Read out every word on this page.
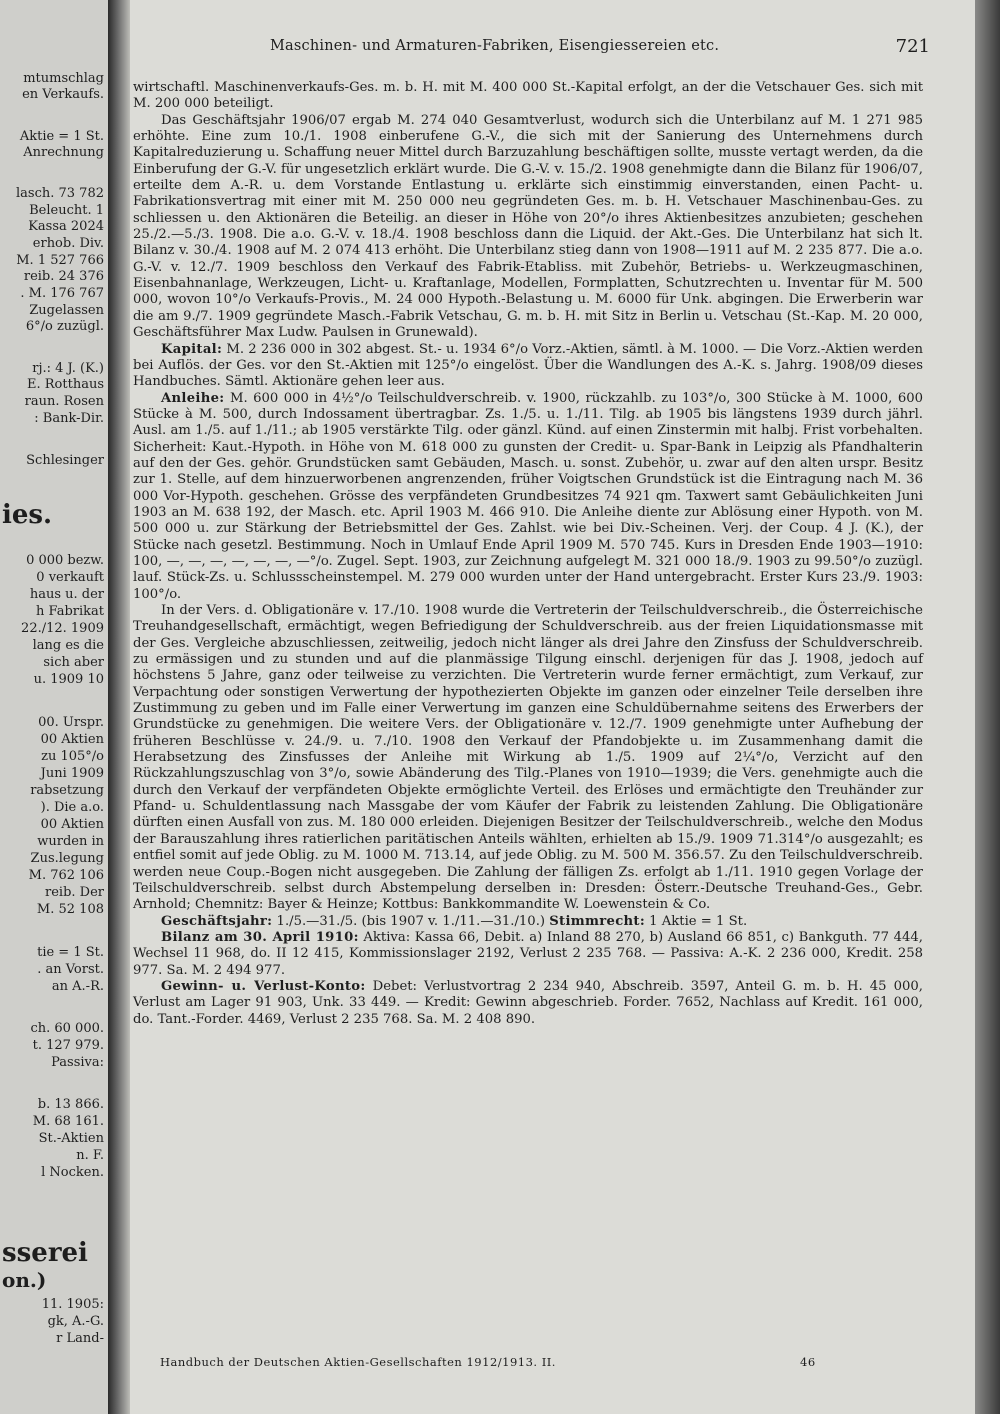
mtumschlag
en Verkaufs.
Aktie = 1 St.
Anrechnung
lasch. 73 782
Beleucht. 1
Kassa 2024
erhob. Div.
M. 1 527 766
reib. 24 376
. M. 176 767
Zugelassen
6°/o zuzügl.
rj.: 4 J. (K.)
E. Rotthaus
raun. Rosen
: Bank-Dir.
Schlesinger
ies.
0 000 bezw.
0 verkauft
haus u. der
h Fabrikat
22./12. 1909
lang es die
sich aber
u. 1909 10
00. Urspr.
00 Aktien
zu 105°/o
Juni 1909
rabsetzung
). Die a.o.
00 Aktien
wurden in
Zus.legung
M. 762 106
reib. Der
M. 52 108
tie = 1 St.
. an Vorst.
an A.-R.
ch. 60 000.
t. 127 979.
Passiva:
b. 13 866.
M. 68 161.
St.-Aktien
n. F.
l Nocken.
sserei
on.)
11. 1905:
gk, A.-G.
r Land-
Maschinen- und Armaturen-Fabriken, Eisengiessereien etc.	721

wirtschaftl. Maschinenverkaufs-Ges. m. b. H. mit M. 400 000 St.-Kapital erfolgt, an der die Vetschauer Ges. sich mit M. 200 000 beteiligt.

Das Geschäftsjahr 1906/07 ergab M. 274 040 Gesamtverlust, wodurch sich die Unterbilanz auf M. 1 271 985 erhöhte. Eine zum 10./1. 1908 einberufene G.-V., die sich mit der Sanierung des Unternehmens durch Kapitalreduzierung u. Schaffung neuer Mittel durch Barzuzahlung beschäftigen sollte, musste vertagt werden, da die Einberufung der G.-V. für ungesetzlich erklärt wurde. Die G.-V. v. 15./2. 1908 genehmigte dann die Bilanz für 1906/07, erteilte dem A.-R. u. dem Vorstande Entlastung u. erklärte sich einstimmig einverstanden, einen Pacht- u. Fabrikationsvertrag mit einer mit M. 250 000 neu gegründeten Ges. m. b. H. Vetschauer Maschinenbau-Ges. zu schliessen u. den Aktionären die Beteilig. an dieser in Höhe von 20°/o ihres Aktienbesitzes anzubieten; geschehen 25./2.—5./3. 1908. Die a.o. G.-V. v. 18./4. 1908 beschloss dann die Liquid. der Akt.-Ges. Die Unterbilanz hat sich lt. Bilanz v. 30./4. 1908 auf M. 2 074 413 erhöht. Die Unterbilanz stieg dann von 1908—1911 auf M. 2 235 877. Die a.o. G.-V. v. 12./7. 1909 beschloss den Verkauf des Fabrik-Etabliss. mit Zubehör, Betriebs- u. Werkzeugmaschinen, Eisenbahnanlage, Werkzeugen, Licht- u. Kraftanlage, Modellen, Formplatten, Schutzrechten u. Inventar für M. 500 000, wovon 10°/o Verkaufs-Provis., M. 24 000 Hypoth.-Belastung u. M. 6000 für Unk. abgingen. Die Erwerberin war die am 9./7. 1909 gegründete Masch.-Fabrik Vetschau, G. m. b. H. mit Sitz in Berlin u. Vetschau (St.-Kap. M. 20 000, Geschäftsführer Max Ludw. Paulsen in Grunewald).

Kapital: M. 2 236 000 in 302 abgest. St.- u. 1934 6°/o Vorz.-Aktien, sämtl. à M. 1000. — Die Vorz.-Aktien werden bei Auflös. der Ges. vor den St.-Aktien mit 125°/o eingelöst. Über die Wandlungen des A.-K. s. Jahrg. 1908/09 dieses Handbuches. Sämtl. Aktionäre gehen leer aus.

Anleihe: M. 600 000 in 4½°/o Teilschuldverschreib. v. 1900, rückzahlb. zu 103°/o, 300 Stücke à M. 1000, 600 Stücke à M. 500, durch Indossament übertragbar. Zs. 1./5. u. 1./11. Tilg. ab 1905 bis längstens 1939 durch jährl. Ausl. am 1./5. auf 1./11.; ab 1905 verstärkte Tilg. oder gänzl. Künd. auf einen Zinstermin mit halbj. Frist vorbehalten. Sicherheit: Kaut.-Hypoth. in Höhe von M. 618 000 zu gunsten der Credit- u. Spar-Bank in Leipzig als Pfandhalterin auf den der Ges. gehör. Grundstücken samt Gebäuden, Masch. u. sonst. Zubehör, u. zwar auf den alten urspr. Besitz zur 1. Stelle, auf dem hinzuerworbenen angrenzenden, früher Voigtschen Grundstück ist die Eintragung nach M. 36 000 Vor-Hypoth. geschehen. Grösse des verpfändeten Grundbesitzes 74 921 qm. Taxwert samt Gebäulichkeiten Juni 1903 an M. 638 192, der Masch. etc. April 1903 M. 466 910. Die Anleihe diente zur Ablösung einer Hypoth. von M. 500 000 u. zur Stärkung der Betriebsmittel der Ges. Zahlst. wie bei Div.-Scheinen. Verj. der Coup. 4 J. (K.), der Stücke nach gesetzl. Bestimmung. Noch in Umlauf Ende April 1909 M. 570 745. Kurs in Dresden Ende 1903—1910: 100, —, —, —, —, —, —, —°/o. Zugel. Sept. 1903, zur Zeichnung aufgelegt M. 321 000 18./9. 1903 zu 99.50°/o zuzügl. lauf. Stück-Zs. u. Schlussscheinstempel. M. 279 000 wurden unter der Hand untergebracht. Erster Kurs 23./9. 1903: 100°/o.

In der Vers. d. Obligationäre v. 17./10. 1908 wurde die Vertreterin der Teilschuldverschreib., die Österreichische Treuhandgesellschaft, ermächtigt, wegen Befriedigung der Schuldverschreib. aus der freien Liquidationsmasse mit der Ges. Vergleiche abzuschliessen, zeitweilig, jedoch nicht länger als drei Jahre den Zinsfuss der Schuldverschreib. zu ermässigen und zu stunden und auf die planmässige Tilgung einschl. derjenigen für das J. 1908, jedoch auf höchstens 5 Jahre, ganz oder teilweise zu verzichten. Die Vertreterin wurde ferner ermächtigt, zum Verkauf, zur Verpachtung oder sonstigen Verwertung der hypothezierten Objekte im ganzen oder einzelner Teile derselben ihre Zustimmung zu geben und im Falle einer Verwertung im ganzen eine Schuldübernahme seitens des Erwerbers der Grundstücke zu genehmigen. Die weitere Vers. der Obligationäre v. 12./7. 1909 genehmigte unter Aufhebung der früheren Beschlüsse v. 24./9. u. 7./10. 1908 den Verkauf der Pfandobjekte u. im Zusammenhang damit die Herabsetzung des Zinsfusses der Anleihe mit Wirkung ab 1./5. 1909 auf 2¼°/o, Verzicht auf den Rückzahlungszuschlag von 3°/o, sowie Abänderung des Tilg.-Planes von 1910—1939; die Vers. genehmigte auch die durch den Verkauf der verpfändeten Objekte ermöglichte Verteil. des Erlöses und ermächtigte den Treuhänder zur Pfand- u. Schuldentlassung nach Massgabe der vom Käufer der Fabrik zu leistenden Zahlung. Die Obligationäre dürften einen Ausfall von zus. M. 180 000 erleiden. Diejenigen Besitzer der Teilschuldverschreib., welche den Modus der Barauszahlung ihres ratierlichen paritätischen Anteils wählten, erhielten ab 15./9. 1909 71.314°/o ausgezahlt; es entfiel somit auf jede Oblig. zu M. 1000 M. 713.14, auf jede Oblig. zu M. 500 M. 356.57. Zu den Teilschuldverschreib. werden neue Coup.-Bogen nicht ausgegeben. Die Zahlung der fälligen Zs. erfolgt ab 1./11. 1910 gegen Vorlage der Teilschuldverschreib. selbst durch Abstempelung derselben in: Dresden: Österr.-Deutsche Treuhand-Ges., Gebr. Arnhold; Chemnitz: Bayer & Heinze; Kottbus: Bankkommandite W. Loewenstein & Co.

Geschäftsjahr: 1./5.—31./5. (bis 1907 v. 1./11.—31./10.) Stimmrecht: 1 Aktie = 1 St.

Bilanz am 30. April 1910: Aktiva: Kassa 66, Debit. a) Inland 88 270, b) Ausland 66 851, c) Bankguth. 77 444, Wechsel 11 968, do. II 12 415, Kommissionslager 2192, Verlust 2 235 768. — Passiva: A.-K. 2 236 000, Kredit. 258 977. Sa. M. 2 494 977.

Gewinn- u. Verlust-Konto: Debet: Verlustvortrag 2 234 940, Abschreib. 3597, Anteil G. m. b. H. 45 000, Verlust am Lager 91 903, Unk. 33 449. — Kredit: Gewinn abgeschrieb. Forder. 7652, Nachlass auf Kredit. 161 000, do. Tant.-Forder. 4469, Verlust 2 235 768. Sa. M. 2 408 890.

Handbuch der Deutschen Aktien-Gesellschaften 1912/1913. II.	46
